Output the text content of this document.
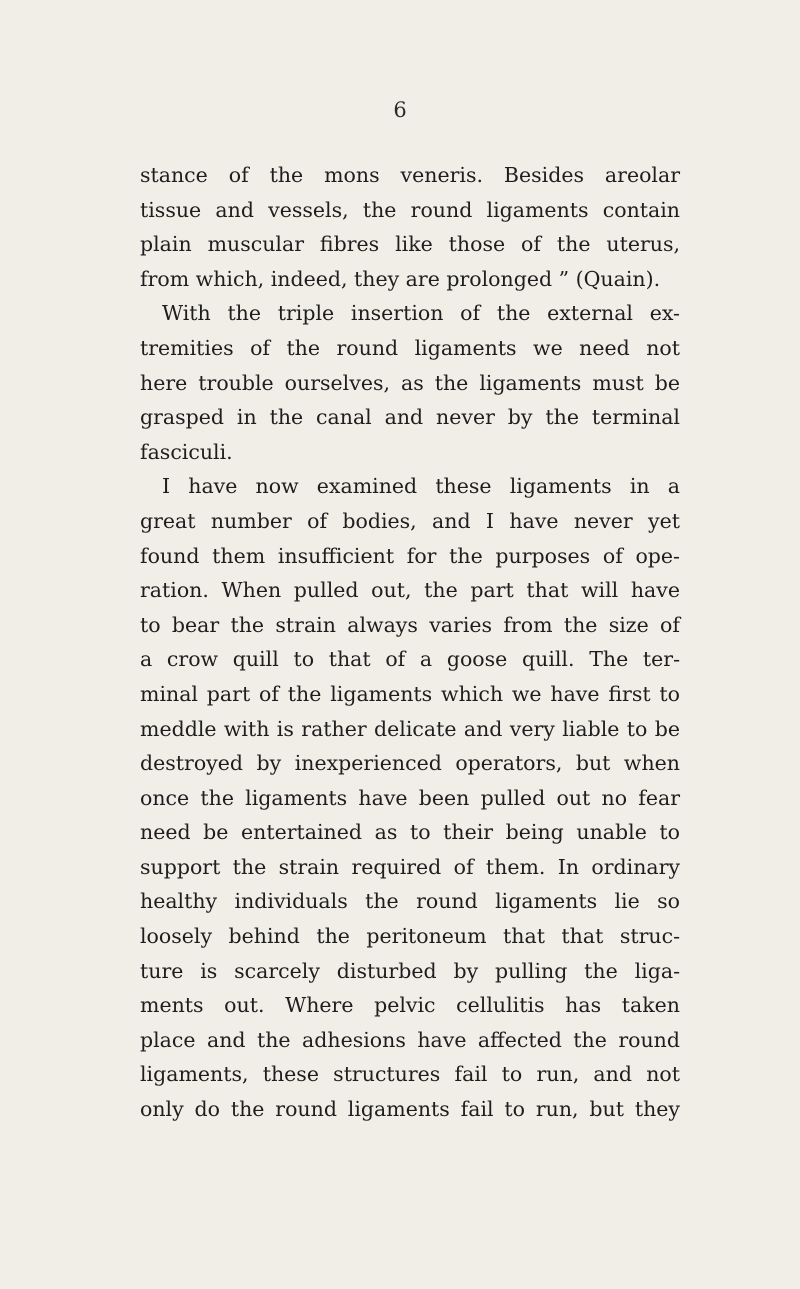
6
stance of the mons veneris. Besides areolar
tissue and vessels, the round ligaments contain
plain muscular fibres like those of the uterus,
from which, indeed, they are prolonged ” (Quain).
With the triple insertion of the external ex-
tremities of the round ligaments we need not
here trouble ourselves, as the ligaments must be
grasped in the canal and never by the terminal
fasciculi.
I have now examined these ligaments in a
great number of bodies, and I have never yet
found them insufficient for the purposes of ope-
ration. When pulled out, the part that will have
to bear the strain always varies from the size of
a crow quill to that of a goose quill. The ter-
minal part of the ligaments which we have first to
meddle with is rather delicate and very liable to be
destroyed by inexperienced operators, but when
once the ligaments have been pulled out no fear
need be entertained as to their being unable to
support the strain required of them. In ordinary
healthy individuals the round ligaments lie so
loosely behind the peritoneum that that struc-
ture is scarcely disturbed by pulling the liga-
ments out. Where pelvic cellulitis has taken
place and the adhesions have affected the round
ligaments, these structures fail to run, and not
only do the round ligaments fail to run, but they
